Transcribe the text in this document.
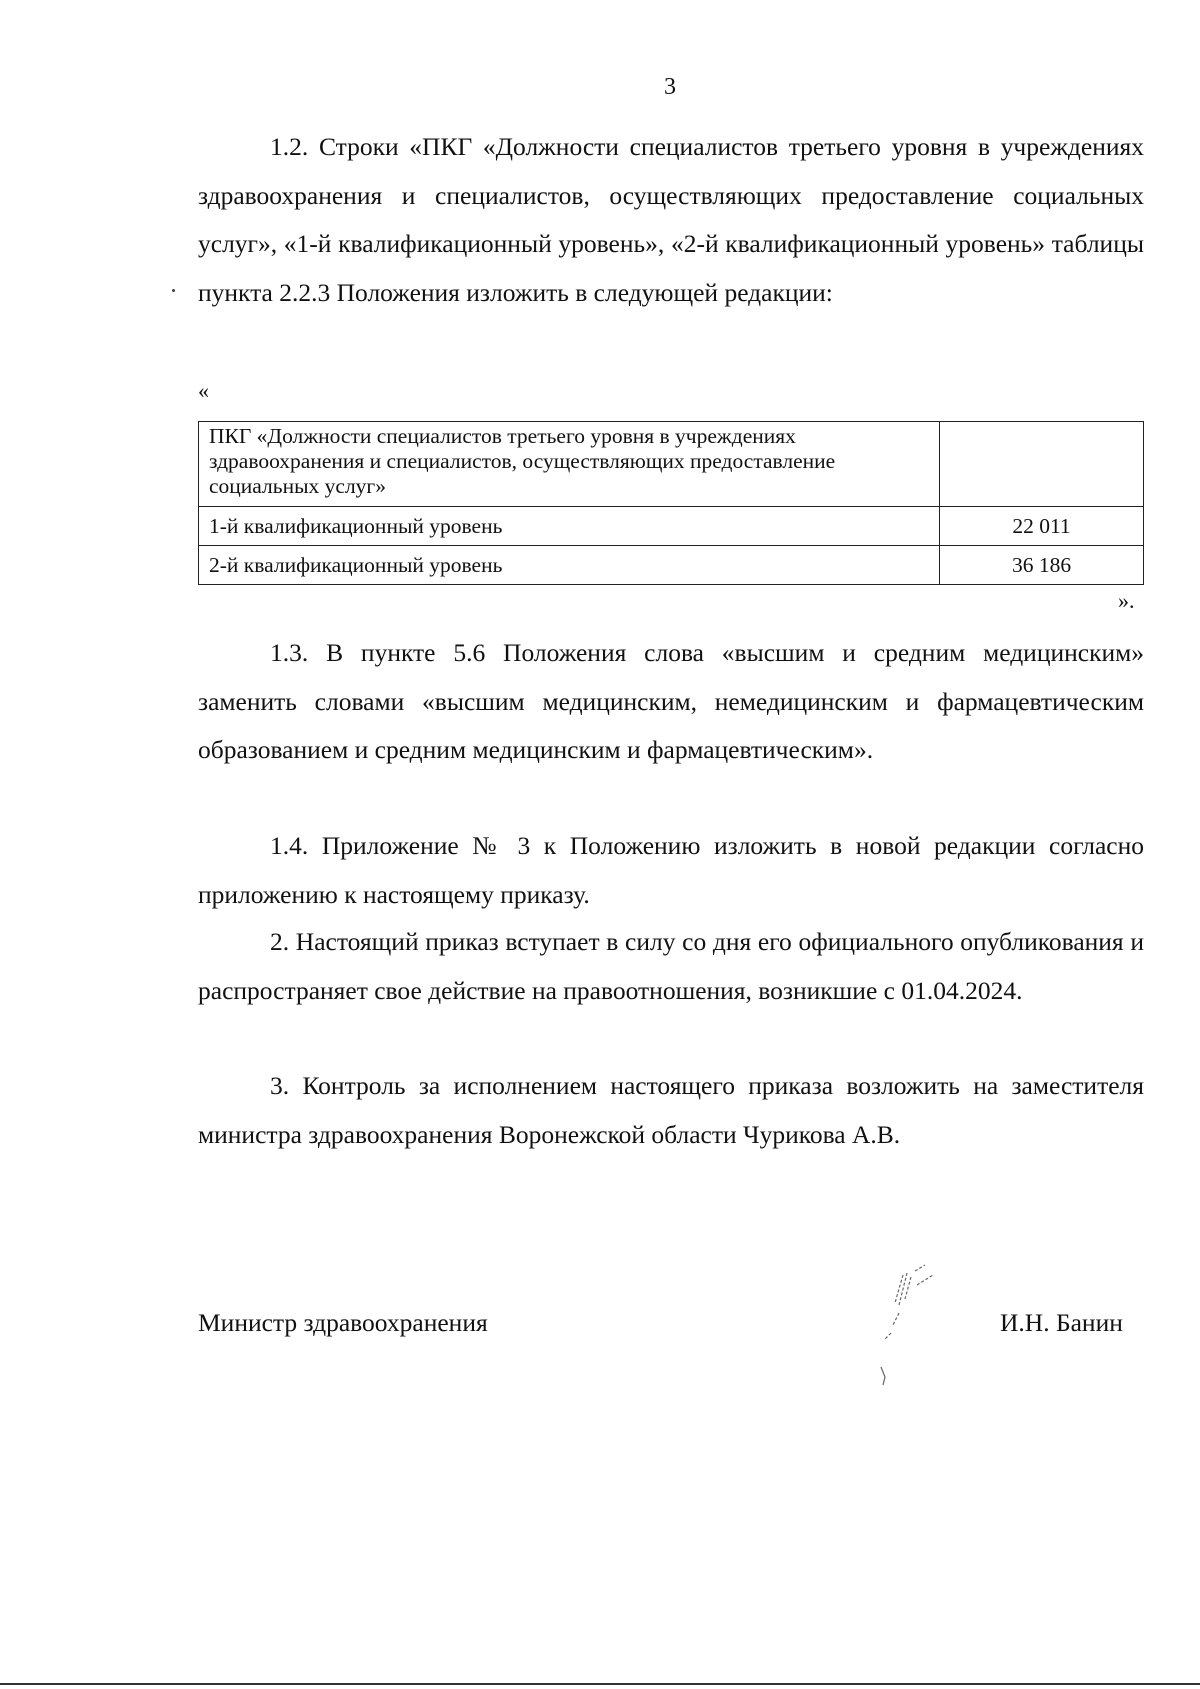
3

1.2. Строки «ПКГ «Должности специалистов третьего уровня в учреждениях здравоохранения и специалистов, осуществляющих предоставление социальных услуг», «1-й квалификационный уровень», «2-й квалификационный уровень» таблицы пункта 2.2.3 Положения изложить в следующей редакции:

«
ПКГ «Должности специалистов третьего уровня в учреждениях здравоохранения и специалистов, осуществляющих предоставление социальных услуг»	
1-й квалификационный уровень	22 011
2-й квалификационный уровень	36 186
».

1.3. В пункте 5.6 Положения слова «высшим и средним медицинским» заменить словами «высшим медицинским, немедицинским и фармацевтическим образованием и средним медицинским и фармацевтическим».

1.4. Приложение № 3 к Положению изложить в новой редакции согласно приложению к настоящему приказу.

2. Настоящий приказ вступает в силу со дня его официального опубликования и распространяет свое действие на правоотношения, возникшие с 01.04.2024.

3. Контроль за исполнением настоящего приказа возложить на заместителя министра здравоохранения Воронежской области Чурикова А.В.

Министр здравоохранения	И.Н. Банин
